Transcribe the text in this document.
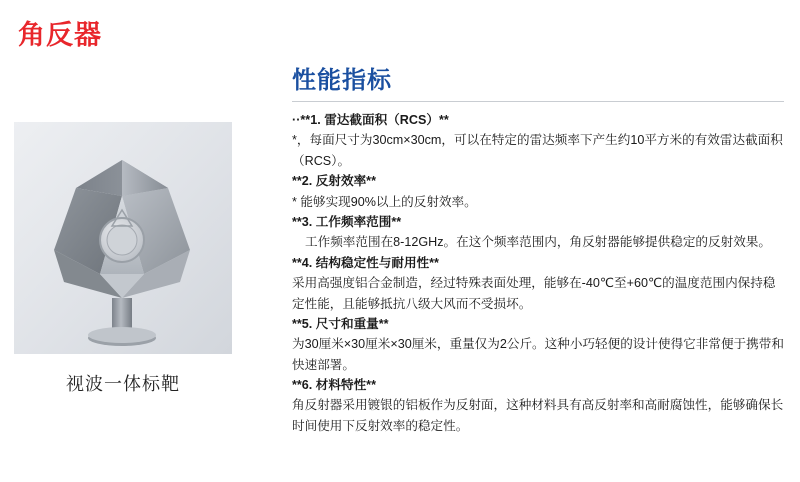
角反器
视波一体标靶
性能指标

··**1. 雷达截面积（RCS）**

*，每面尺寸为30cm×30cm，可以在特定的雷达频率下产生约10平方米的有效雷达截面积（RCS）。

**2. 反射效率**

* 能够实现90%以上的反射效率。

**3. 工作频率范围**

工作频率范围在8-12GHz。在这个频率范围内，角反射器能够提供稳定的反射效果。

**4. 结构稳定性与耐用性**

采用高强度铝合金制造，经过特殊表面处理，能够在-40℃至+60℃的温度范围内保持稳定性能，且能够抵抗八级大风而不受损坏。

**5. 尺寸和重量**

为30厘米×30厘米×30厘米，重量仅为2公斤。这种小巧轻便的设计使得它非常便于携带和快速部署。

**6. 材料特性**

角反射器采用镀银的铝板作为反射面，这种材料具有高反射率和高耐腐蚀性，能够确保长时间使用下反射效率的稳定性。
